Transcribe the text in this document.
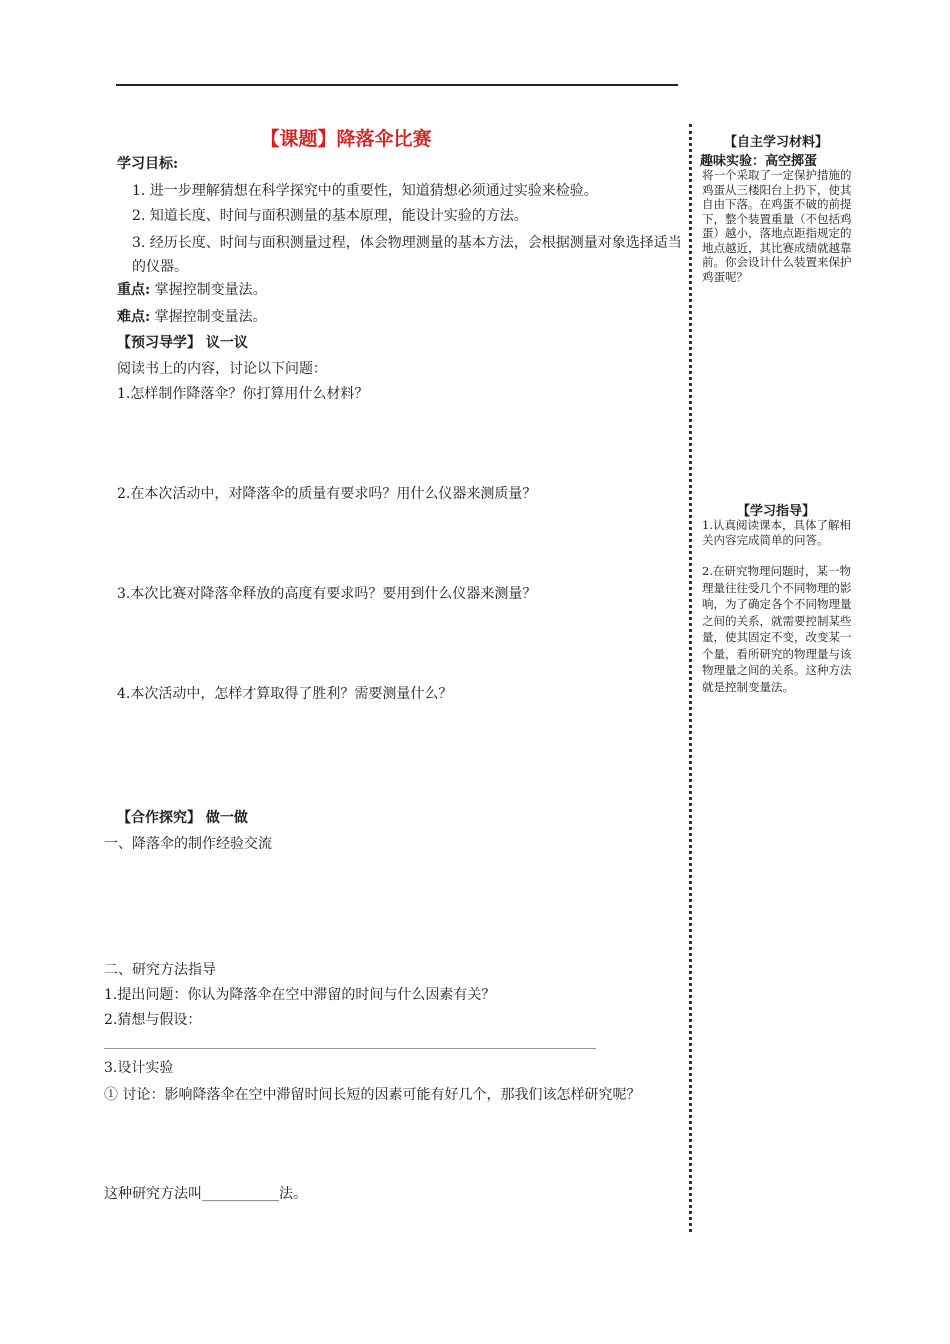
【课题】降落伞比赛
学习目标:
1. 进一步理解猜想在科学探究中的重要性，知道猜想必须通过实验来检验。
2. 知道长度、时间与面积测量的基本原理，能设计实验的方法。
3. 经历长度、时间与面积测量过程，体会物理测量的基本方法，会根据测量对象选择适当的仪器。
重点: 掌握控制变量法。
难点: 掌握控制变量法。
【预习导学】 议一议
阅读书上的内容，讨论以下问题：
1.怎样制作降落伞？你打算用什么材料？
2.在本次活动中，对降落伞的质量有要求吗？用什么仪器来测质量？
3.本次比赛对降落伞释放的高度有要求吗？要用到什么仪器来测量？
4.本次活动中，怎样才算取得了胜利？需要测量什么？
【合作探究】 做一做
一、降落伞的制作经验交流
二、研究方法指导
1.提出问题：你认为降落伞在空中滞留的时间与什么因素有关？
2.猜想与假设：
3.设计实验
① 讨论：影响降落伞在空中滞留时间长短的因素可能有好几个，那我们该怎样研究呢？
这种研究方法叫___________法。
【自主学习材料】
趣味实验：高空掷蛋
将一个采取了一定保护措施的鸡蛋从三楼阳台上扔下，使其自由下落。在鸡蛋不破的前提下，整个装置重量（不包括鸡蛋）越小，落地点距指规定的地点越近，其比赛成绩就越靠前。你会设计什么装置来保护鸡蛋呢？
【学习指导】
1.认真阅读课本，具体了解相关内容完成简单的问答。
2.在研究物理问题时，某一物理量往往受几个不同物理的影响，为了确定各个不同物理量之间的关系，就需要控制某些量，使其固定不变，改变某一个量，看所研究的物理量与该物理量之间的关系。这种方法就是控制变量法。
